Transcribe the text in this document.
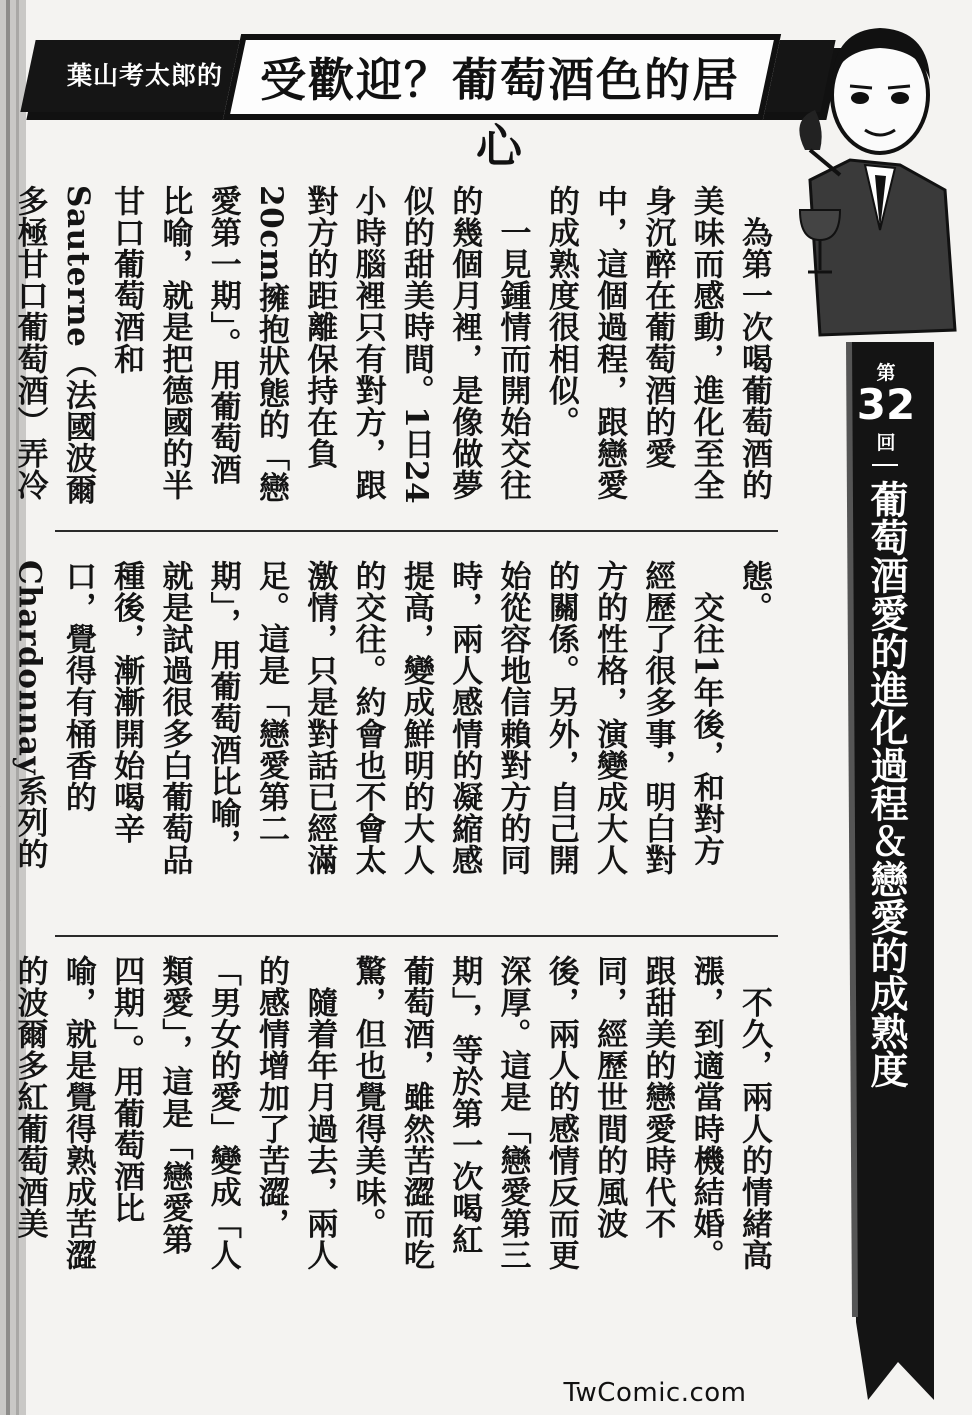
葉山考太郎的 受歡迎？葡萄酒色的居心
第
32
回
葡萄酒愛的進化過程＆戀愛的成熟度
　為第一次喝葡萄酒的美味而感動，進化至全身沉醉在葡萄酒的愛中，這個過程，跟戀愛的成熟度很相似。
　一見鍾情而開始交往的幾個月裡，是像做夢似的甜美時間。1日24小時腦裡只有對方，跟對方的距離保持在負20cm擁抱狀態的「戀愛第一期」。用葡萄酒比喻，就是把德國的半甘口葡萄酒和Sauterne（法國波爾多極甘口葡萄酒）弄冷
態。
　交往1年後，和對方經歷了很多事，明白對方的性格，演變成大人的關係。另外，自己開始從容地信賴對方的同時，兩人感情的凝縮感提高，變成鮮明的大人的交往。約會也不會太激情，只是對話已經滿足。這是「戀愛第二期」，用葡萄酒比喻，就是試過很多白葡萄品種後，漸漸開始喝辛口，覺得有桶香的Chardonnay系列的
　不久，兩人的情緒高漲，到適當時機結婚。跟甜美的戀愛時代不同，經歷世間的風波後，兩人的感情反而更深厚。這是「戀愛第三期」，等於第一次喝紅葡萄酒，雖然苦澀而吃驚，但也覺得美味。
　隨着年月過去，兩人的感情增加了苦澀，「男女的愛」變成「人類愛」，這是「戀愛第四期」。用葡萄酒比喻，就是覺得熟成苦澀的波爾多紅葡萄酒美
TwComic.com
